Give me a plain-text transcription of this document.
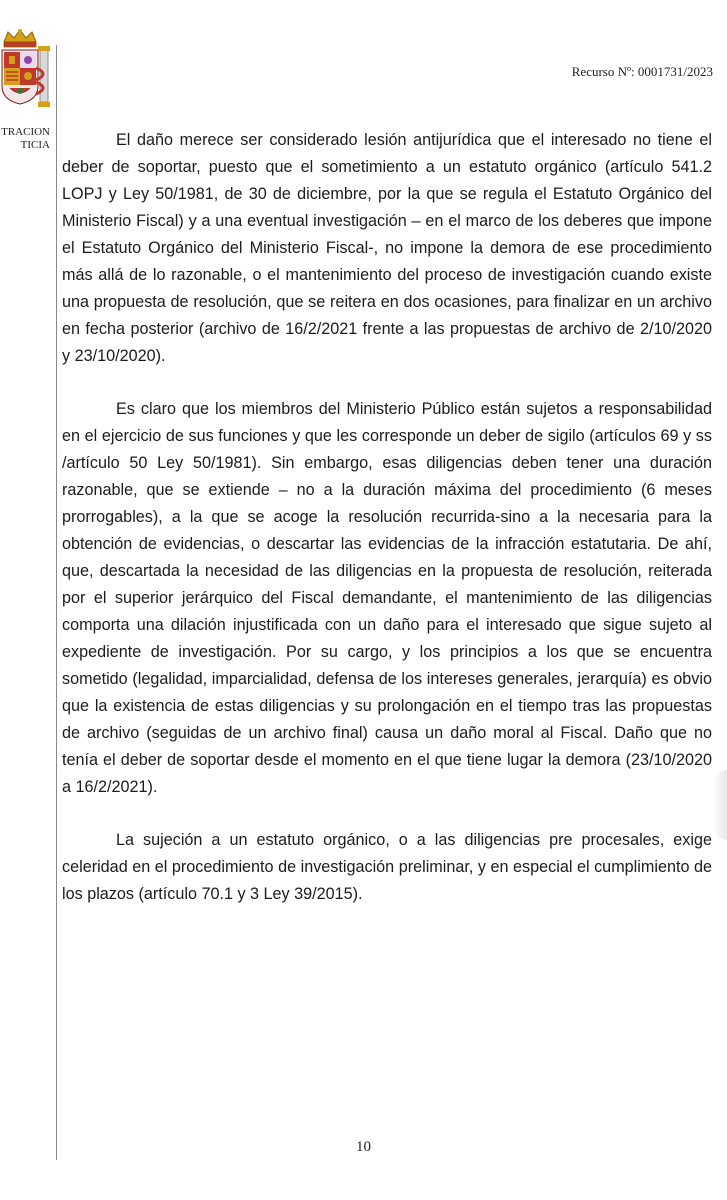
TRACION
TICIA
Recurso Nº: 0001731/2023

El daño merece ser considerado lesión antijurídica que el interesado no tiene el deber de soportar, puesto que el sometimiento a un estatuto orgánico (artículo 541.2 LOPJ y Ley 50/1981, de 30 de diciembre, por la que se regula el Estatuto Orgánico del Ministerio Fiscal) y a una eventual investigación – en el marco de los deberes que impone el Estatuto Orgánico del Ministerio Fiscal-, no impone la demora de ese procedimiento más allá de lo razonable, o el mantenimiento del proceso de investigación cuando existe una propuesta de resolución, que se reitera en dos ocasiones, para finalizar en un archivo en fecha posterior (archivo de 16/2/2021 frente a las propuestas de archivo de 2/10/2020 y 23/10/2020).

Es claro que los miembros del Ministerio Público están sujetos a responsabilidad en el ejercicio de sus funciones y que les corresponde un deber de sigilo (artículos 69 y ss /artículo 50 Ley 50/1981). Sin embargo, esas diligencias deben tener una duración razonable, que se extiende – no a la duración máxima del procedimiento (6 meses prorrogables), a la que se acoge la resolución recurrida-sino a la necesaria para la obtención de evidencias, o descartar las evidencias de la infracción estatutaria. De ahí, que, descartada la necesidad de las diligencias en la propuesta de resolución, reiterada por el superior jerárquico del Fiscal demandante, el mantenimiento de las diligencias comporta una dilación injustificada con un daño para el interesado que sigue sujeto al expediente de investigación. Por su cargo, y los principios a los que se encuentra sometido (legalidad, imparcialidad, defensa de los intereses generales, jerarquía) es obvio que la existencia de estas diligencias y su prolongación en el tiempo tras las propuestas de archivo (seguidas de un archivo final) causa un daño moral al Fiscal. Daño que no tenía el deber de soportar desde el momento en el que tiene lugar la demora (23/10/2020 a 16/2/2021).

La sujeción a un estatuto orgánico, o a las diligencias pre procesales, exige celeridad en el procedimiento de investigación preliminar, y en especial el cumplimiento de los plazos (artículo 70.1 y 3 Ley 39/2015).

10
